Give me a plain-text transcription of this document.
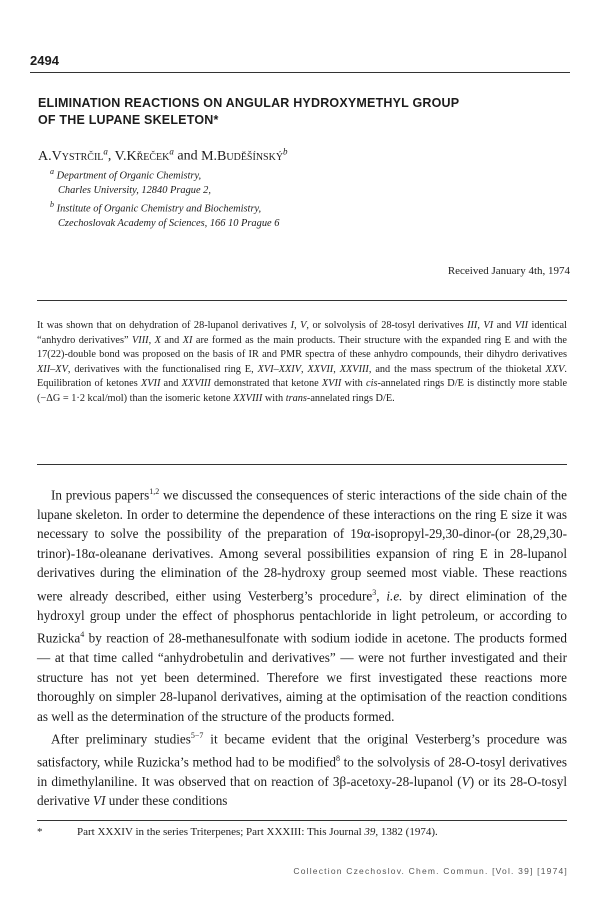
2494
ELIMINATION REACTIONS ON ANGULAR HYDROXYMETHYL GROUP
OF THE LUPANE SKELETON*
A.Vystrčil$^a$, V.Křeček$^a$ and M.Budĕšínský$^b$
$^a$ Department of Organic Chemistry,
Charles University, 12840 Prague 2,
$^b$ Institute of Organic Chemistry and Biochemistry,
Czechoslovak Academy of Sciences, 166 10 Prague 6
Received January 4th, 1974

It was shown that on dehydration of 28-lupanol derivatives I, V, or solvolysis of 28-tosyl derivatives III, VI and VII identical “anhydro derivatives” VIII, X and XI are formed as the main products. Their structure with the expanded ring E and with the 17(22)-double bond was proposed on the basis of IR and PMR spectra of these anhydro compounds, their dihydro derivatives XII–XV, derivatives with the functionalised ring E, XVI–XXIV, XXVII, XXVIII, and the mass spectrum of the thioketal XXV. Equilibration of ketones XVII and XXVIII demonstrated that ketone XVII with cis-annelated rings D/E is distinctly more stable (−ΔG = 1·2 kcal/mol) than the isomeric ketone XXVIII with trans-annelated rings D/E.

In previous papers$^{1,2}$ we discussed the consequences of steric interactions of the side chain of the lupane skeleton. In order to determine the dependence of these interactions on the ring E size it was necessary to solve the possibility of the preparation of 19α-isopropyl-29,30-dinor-(or 28,29,30-trinor)-18α-oleanane derivatives. Among several possibilities expansion of ring E in 28-lupanol derivatives during the elimination of the 28-hydroxy group seemed most viable. These reactions were already described, either using Vesterberg’s procedure$^3$, i.e. by direct elimination of the hydroxyl group under the effect of phosphorus pentachloride in light petroleum, or according to Ruzicka$^4$ by reaction of 28-methanesulfonate with sodium iodide in acetone. The products formed — at that time called “anhydrobetulin and derivatives” — were not further investigated and their structure has not yet been determined. Therefore we first investigated these reactions more thoroughly on simpler 28-lupanol derivatives, aiming at the optimisation of the reaction conditions as well as the determination of the structure of the products formed.

After preliminary studies$^{5-7}$ it became evident that the original Vesterberg’s procedure was satisfactory, while Ruzicka’s method had to be modified$^8$ to the solvolysis of 28-O-tosyl derivatives in dimethylaniline. It was observed that on reaction of 3β-acetoxy-28-lupanol (V) or its 28-O-tosyl derivative VI under these conditions

*	Part XXXIV in the series Triterpenes; Part XXXIII: This Journal 39, 1382 (1974).
Collection Czechoslov. Chem. Commun. [Vol. 39] [1974]
